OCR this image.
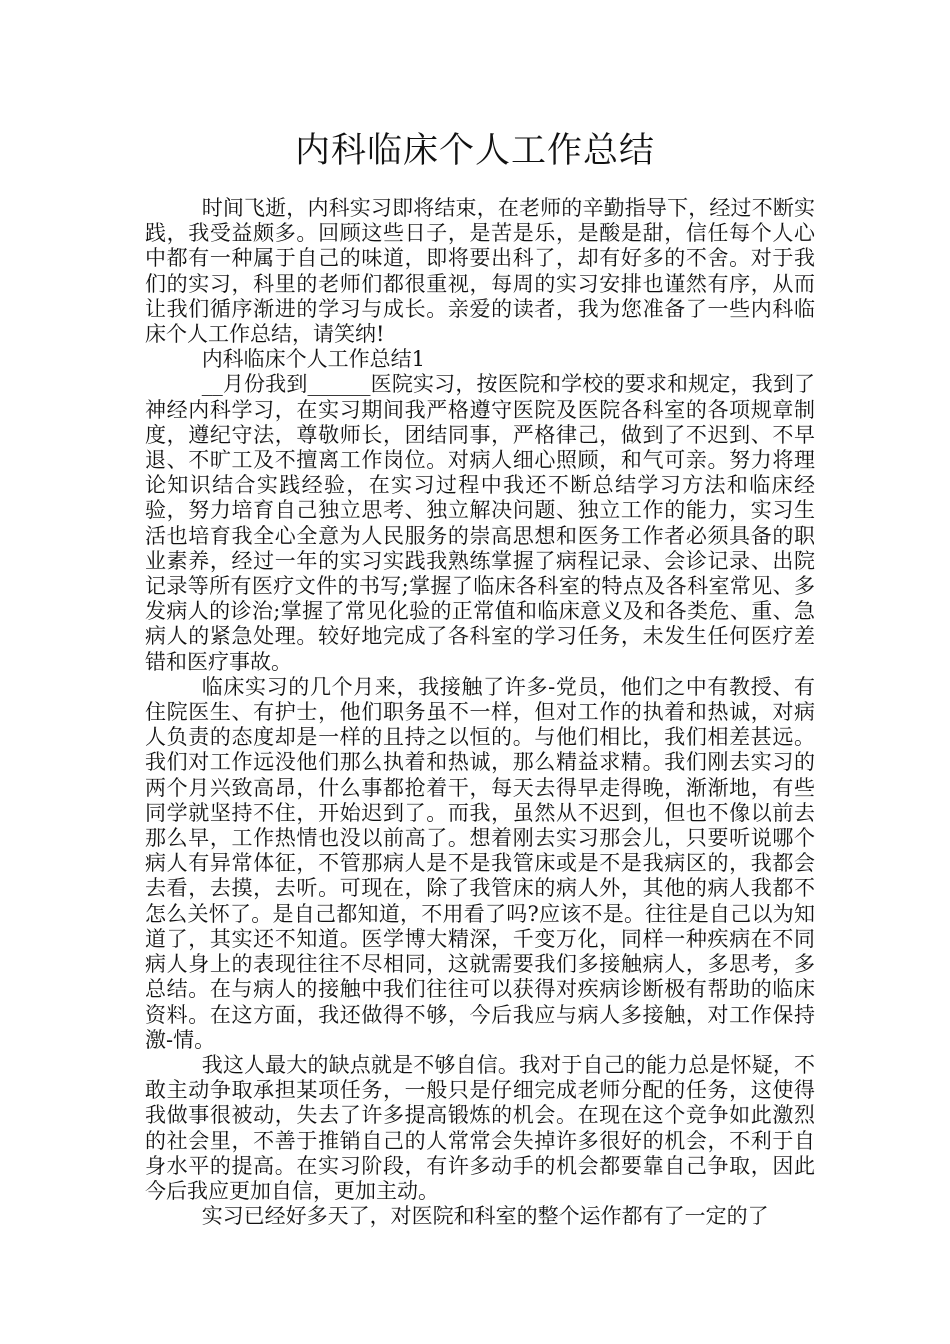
内科临床个人工作总结

时间飞逝，内科实习即将结束，在老师的辛勤指导下，经过不断实践，我受益颇多。回顾这些日子，是苦是乐，是酸是甜，信任每个人心中都有一种属于自己的味道，即将要出科了，却有好多的不舍。对于我们的实习，科里的老师们都很重视，每周的实习安排也谨然有序，从而让我们循序渐进的学习与成长。亲爱的读者，我为您准备了一些内科临床个人工作总结，请笑纳!

内科临床个人工作总结1

__月份我到______医院实习，按医院和学校的要求和规定，我到了神经内科学习，在实习期间我严格遵守医院及医院各科室的各项规章制度，遵纪守法，尊敬师长，团结同事，严格律己，做到了不迟到、不早退、不旷工及不擅离工作岗位。对病人细心照顾，和气可亲。努力将理论知识结合实践经验，在实习过程中我还不断总结学习方法和临床经验，努力培育自己独立思考、独立解决问题、独立工作的能力，实习生活也培育我全心全意为人民服务的崇高思想和医务工作者必须具备的职业素养，经过一年的实习实践我熟练掌握了病程记录、会诊记录、出院记录等所有医疗文件的书写;掌握了临床各科室的特点及各科室常见、多发病人的诊治;掌握了常见化验的正常值和临床意义及和各类危、重、急病人的紧急处理。较好地完成了各科室的学习任务，未发生任何医疗差错和医疗事故。

临床实习的几个月来，我接触了许多-党员，他们之中有教授、有住院医生、有护士，他们职务虽不一样，但对工作的执着和热诚，对病人负责的态度却是一样的且持之以恒的。与他们相比，我们相差甚远。我们对工作远没他们那么执着和热诚，那么精益求精。我们刚去实习的两个月兴致高昂，什么事都抢着干，每天去得早走得晚，渐渐地，有些同学就坚持不住，开始迟到了。而我，虽然从不迟到，但也不像以前去那么早，工作热情也没以前高了。想着刚去实习那会儿，只要听说哪个病人有异常体征，不管那病人是不是我管床或是不是我病区的，我都会去看，去摸，去听。可现在，除了我管床的病人外，其他的病人我都不怎么关怀了。是自己都知道，不用看了吗?应该不是。往往是自己以为知道了，其实还不知道。医学博大精深，千变万化，同样一种疾病在不同病人身上的表现往往不尽相同，这就需要我们多接触病人，多思考，多总结。在与病人的接触中我们往往可以获得对疾病诊断极有帮助的临床资料。在这方面，我还做得不够，今后我应与病人多接触，对工作保持激-情。

我这人最大的缺点就是不够自信。我对于自己的能力总是怀疑，不敢主动争取承担某项任务，一般只是仔细完成老师分配的任务，这使得我做事很被动，失去了许多提高锻炼的机会。在现在这个竞争如此激烈的社会里，不善于推销自己的人常常会失掉许多很好的机会，不利于自身水平的提高。在实习阶段，有许多动手的机会都要靠自己争取，因此今后我应更加自信，更加主动。

实习已经好多天了，对医院和科室的整个运作都有了一定的了
